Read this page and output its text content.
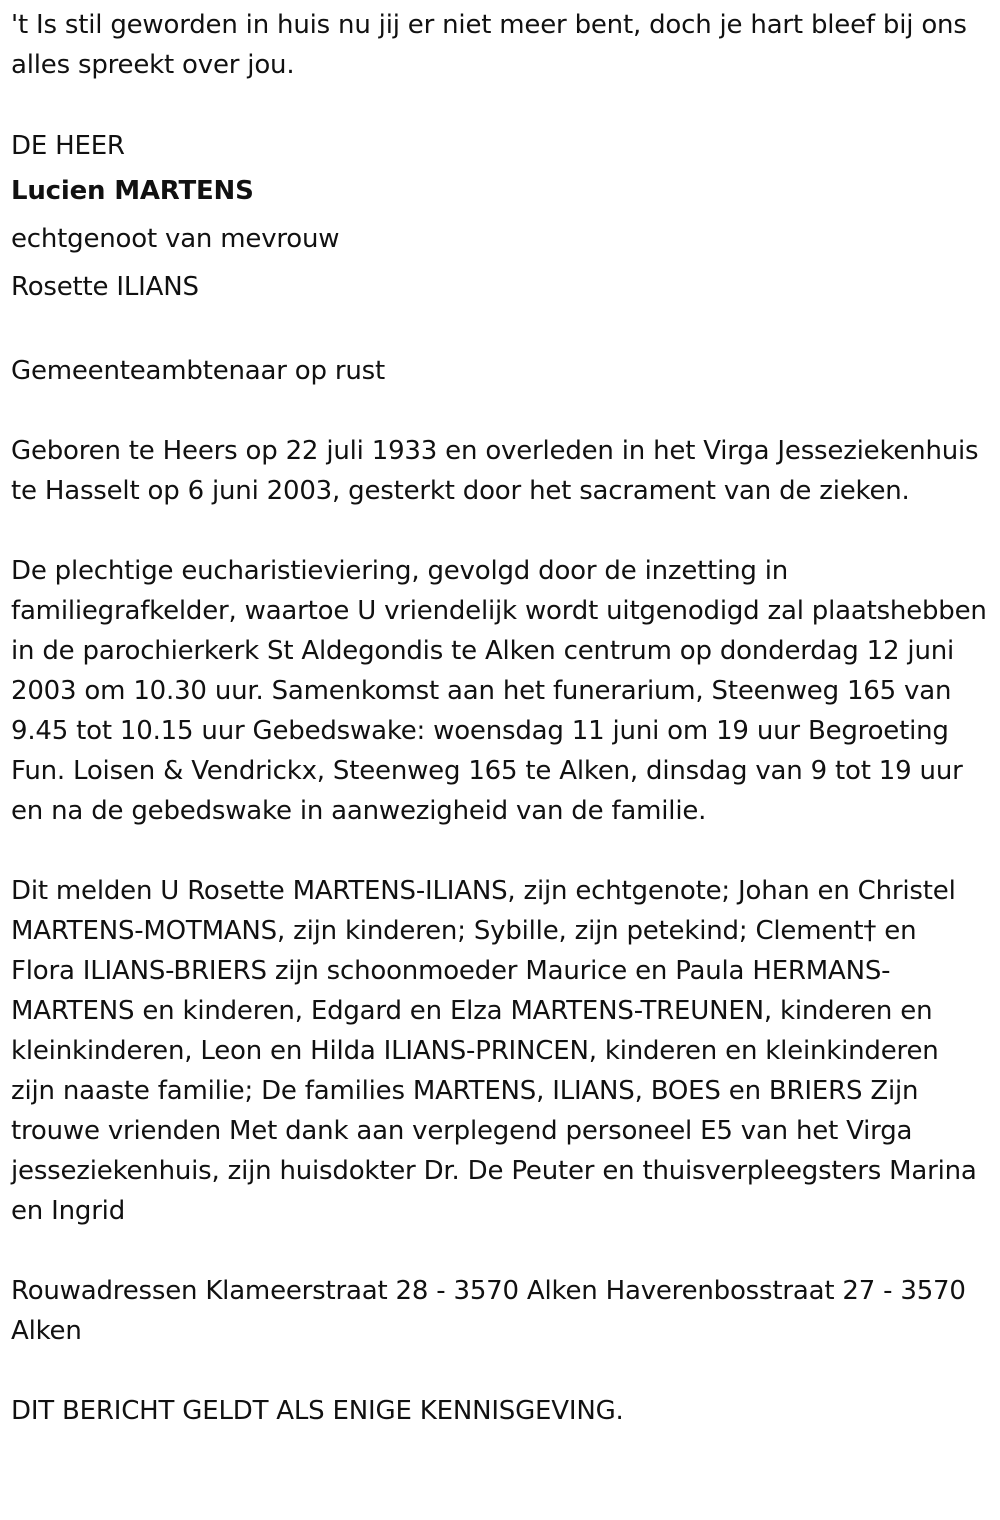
't Is stil geworden in huis nu jij er niet meer bent, doch je hart bleef bij ons alles spreekt over jou.

DE HEER

Lucien MARTENS

echtgenoot van mevrouw

Rosette ILIANS

Gemeenteambtenaar op rust

Geboren te Heers op 22 juli 1933 en overleden in het Virga Jesseziekenhuis te Hasselt op 6 juni 2003, gesterkt door het sacrament van de zieken.

De plechtige eucharistieviering, gevolgd door de inzetting in familiegrafkelder, waartoe U vriendelijk wordt uitgenodigd zal plaatshebben in de parochierkerk St Aldegondis te Alken centrum op donderdag 12 juni 2003 om 10.30 uur. Samenkomst aan het funerarium, Steenweg 165 van 9.45 tot 10.15 uur Gebedswake: woensdag 11 juni om 19 uur Begroeting Fun. Loisen & Vendrickx, Steenweg 165 te Alken, dinsdag van 9 tot 19 uur en na de gebedswake in aanwezigheid van de familie.

Dit melden U Rosette MARTENS-ILIANS, zijn echtgenote; Johan en Christel MARTENS-MOTMANS, zijn kinderen; Sybille, zijn petekind; Clement† en Flora ILIANS-BRIERS zijn schoonmoeder Maurice en Paula HERMANS-MARTENS en kinderen, Edgard en Elza MARTENS-TREUNEN, kinderen en kleinkinderen, Leon en Hilda ILIANS-PRINCEN, kinderen en kleinkinderen zijn naaste familie; De families MARTENS, ILIANS, BOES en BRIERS Zijn trouwe vrienden Met dank aan verplegend personeel E5 van het Virga jesseziekenhuis, zijn huisdokter Dr. De Peuter en thuisverpleegsters Marina en Ingrid

Rouwadressen Klameerstraat 28 - 3570 Alken Haverenbosstraat 27 - 3570 Alken

DIT BERICHT GELDT ALS ENIGE KENNISGEVING.
